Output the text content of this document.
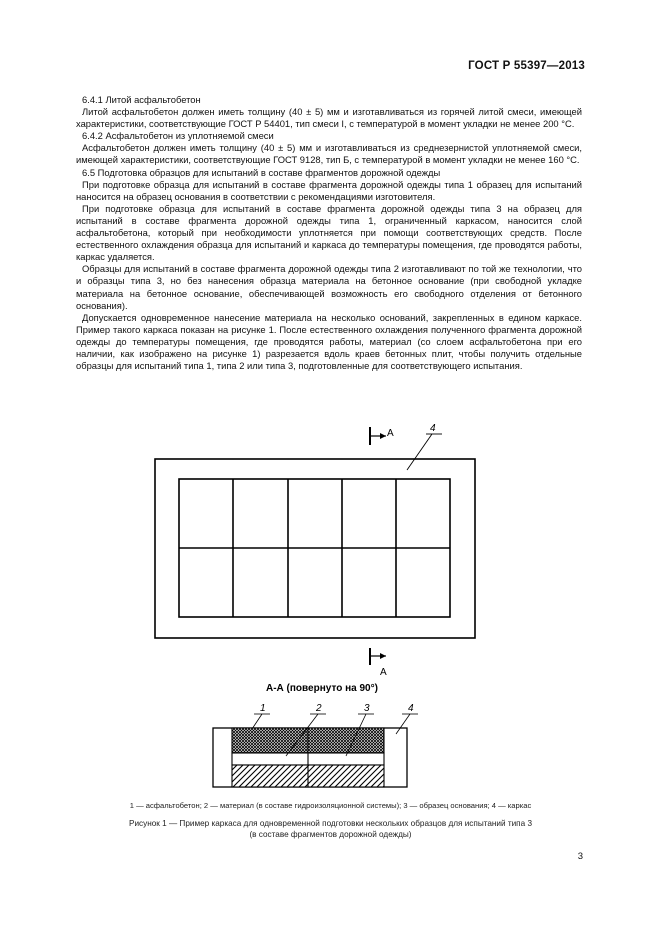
ГОСТ Р 55397—2013

6.4.1 Литой асфальтобетон

Литой асфальтобетон должен иметь толщину (40 ± 5) мм и изготавливаться из горячей литой смеси, имеющей характеристики, соответствующие ГОСТ Р 54401, тип смеси I, с температурой в момент укладки не менее 200 °С.

6.4.2 Асфальтобетон из уплотняемой смеси

Асфальтобетон должен иметь толщину (40 ± 5) мм и изготавливаться из среднезернистой уплотняемой смеси, имеющей характеристики, соответствующие ГОСТ 9128, тип Б, с температурой в момент укладки не менее 160 °С.

6.5 Подготовка образцов для испытаний в составе фрагментов дорожной одежды

При подготовке образца для испытаний в составе фрагмента дорожной одежды типа 1 образец для испытаний наносится на образец основания в соответствии с рекомендациями изготовителя.

При подготовке образца для испытаний в составе фрагмента дорожной одежды типа 3 на образец для испытаний в составе фрагмента дорожной одежды типа 1, ограниченный каркасом, наносится слой асфальтобетона, который при необходимости уплотняется при помощи соответствующих средств. После естественного охлаждения образца для испытаний и каркаса до температуры помещения, где проводятся работы, каркас удаляется.

Образцы для испытаний в составе фрагмента дорожной одежды типа 2 изготавливают по той же технологии, что и образцы типа 3, но без нанесения образца материала на бетонное основание (при свободной укладке материала на бетонное основание, обеспечивающей возможность его свободного отделения от бетонного основания).

Допускается одновременное нанесение материала на несколько оснований, закрепленных в едином каркасе. Пример такого каркаса показан на рисунке 1. После естественного охлаждения полученного фрагмента дорожной одежды до температуры помещения, где проводятся работы, материал (со слоем асфальтобетона при его наличии, как изображено на рисунке 1) разрезается вдоль краев бетонных плит, чтобы получить отдельные образцы для испытаний типа 1, типа 2 или типа 3, подготовленные для соответствующего испытания.

А
А
4
А-А (повернуто на 90°)
1	2	3	4
1 — асфальтобетон; 2 — материал (в составе гидроизоляционной системы); 3 — образец основания; 4 — каркас
Рисунок 1 — Пример каркаса для одновременной подготовки нескольких образцов для испытаний типа 3
(в составе фрагментов дорожной одежды)
3
